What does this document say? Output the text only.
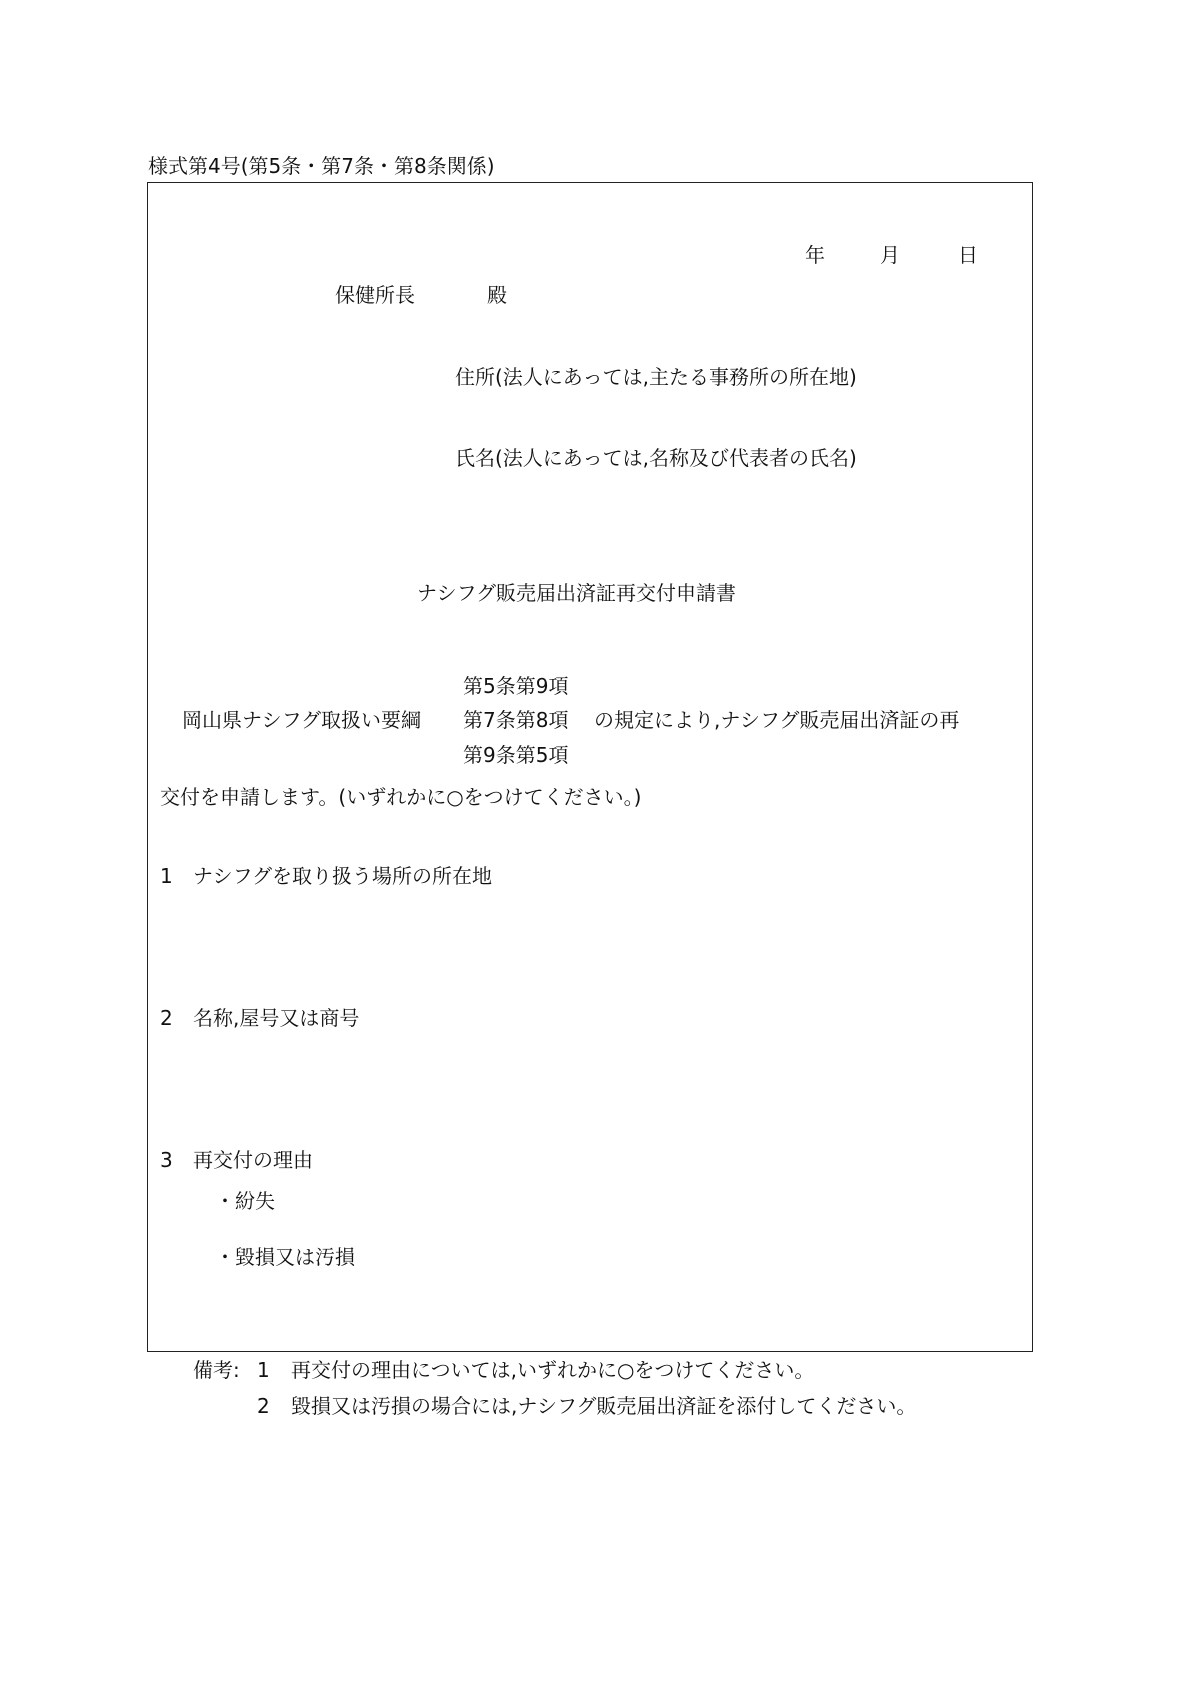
様式第4号(第5条・第7条・第8条関係)
年	月	日
保健所長	殿
住所(法人にあっては,主たる事務所の所在地)
氏名(法人にあっては,名称及び代表者の氏名)
ナシフグ販売届出済証再交付申請書
第5条第9項
岡山県ナシフグ取扱い要綱 第7条第8項 の規定により,ナシフグ販売届出済証の再
第9条第5項
交付を申請します。(いずれかに○をつけてください。)
1 ナシフグを取り扱う場所の所在地
2 名称,屋号又は商号
3 再交付の理由
・紛失
・毀損又は汚損
備考: 1 再交付の理由については,いずれかに○をつけてください。
2 毀損又は汚損の場合には,ナシフグ販売届出済証を添付してください。
